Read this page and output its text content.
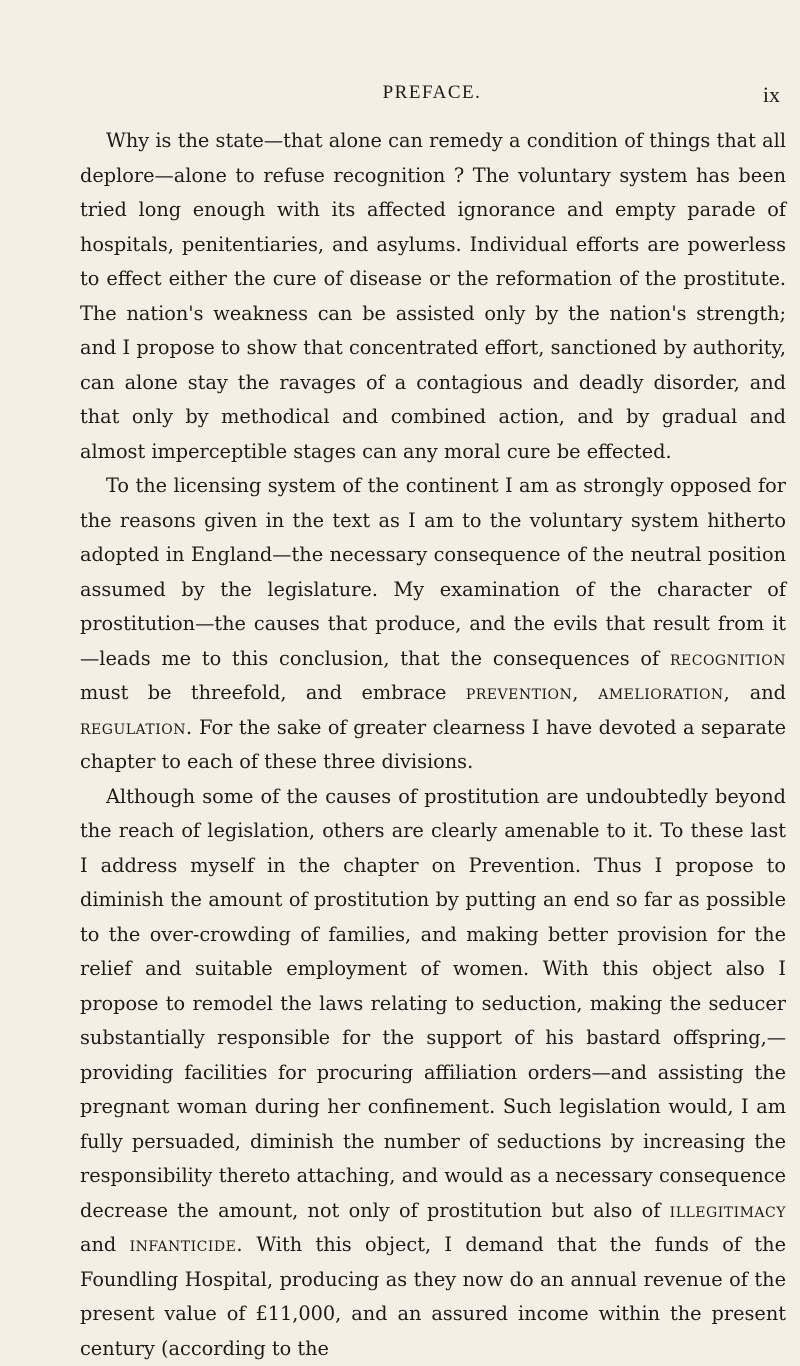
PREFACE.	ix

Why is the state—that alone can remedy a condition of things that all deplore—alone to refuse recognition ? The voluntary system has been tried long enough with its affected ignorance and empty parade of hospitals, penitentiaries, and asylums. Individual efforts are powerless to effect either the cure of disease or the reformation of the prostitute. The nation's weakness can be assisted only by the nation's strength; and I propose to show that concentrated effort, sanctioned by authority, can alone stay the ravages of a contagious and deadly disorder, and that only by methodical and combined action, and by gradual and almost imperceptible stages can any moral cure be effected.

To the licensing system of the continent I am as strongly opposed for the reasons given in the text as I am to the voluntary system hitherto adopted in England—the necessary consequence of the neutral position assumed by the legislature. My examination of the character of prostitution—the causes that produce, and the evils that result from it—leads me to this conclusion, that the consequences of recognition must be threefold, and embrace prevention, amelioration, and regulation. For the sake of greater clearness I have devoted a separate chapter to each of these three divisions.

Although some of the causes of prostitution are undoubtedly beyond the reach of legislation, others are clearly amenable to it. To these last I address myself in the chapter on Prevention. Thus I propose to diminish the amount of prostitution by putting an end so far as possible to the over-crowding of families, and making better provision for the relief and suitable employment of women. With this object also I propose to remodel the laws relating to seduction, making the seducer substantially responsible for the support of his bastard offspring,—providing facilities for procuring affiliation orders—and assisting the pregnant woman during her confinement. Such legislation would, I am fully persuaded, diminish the number of seductions by increasing the responsibility thereto attaching, and would as a necessary consequence decrease the amount, not only of prostitution but also of illegitimacy and infanticide. With this object, I demand that the funds of the Foundling Hospital, producing as they now do an annual revenue of the present value of £11,000, and an assured income within the present century (according to the
